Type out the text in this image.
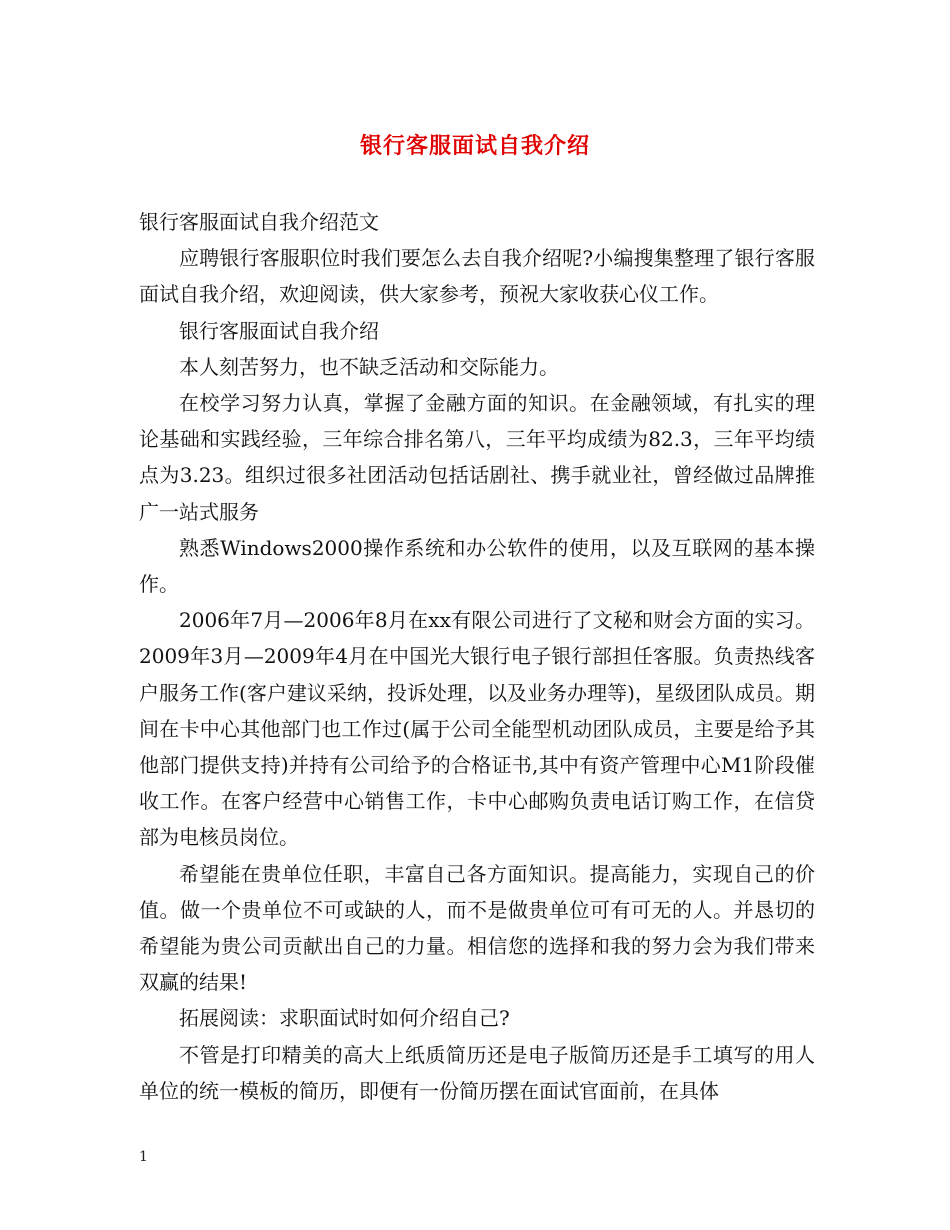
银行客服面试自我介绍

银行客服面试自我介绍范文

应聘银行客服职位时我们要怎么去自我介绍呢?小编搜集整理了银行客服面试自我介绍，欢迎阅读，供大家参考，预祝大家收获心仪工作。

银行客服面试自我介绍

本人刻苦努力，也不缺乏活动和交际能力。

在校学习努力认真，掌握了金融方面的知识。在金融领域，有扎实的理论基础和实践经验，三年综合排名第八，三年平均成绩为82.3，三年平均绩点为3.23。组织过很多社团活动包括话剧社、携手就业社，曾经做过品牌推广一站式服务

熟悉Windows2000操作系统和办公软件的使用，以及互联网的基本操作。

2006年7月—2006年8月在xx有限公司进行了文秘和财会方面的实习。 2009年3月—2009年4月在中国光大银行电子银行部担任客服。负责热线客户服务工作(客户建议采纳，投诉处理，以及业务办理等)，星级团队成员。期间在卡中心其他部门也工作过(属于公司全能型机动团队成员，主要是给予其他部门提供支持)并持有公司给予的合格证书,其中有资产管理中心M1阶段催收工作。在客户经营中心销售工作，卡中心邮购负责电话订购工作，在信贷部为电核员岗位。

希望能在贵单位任职，丰富自己各方面知识。提高能力，实现自己的价值。做一个贵单位不可或缺的人，而不是做贵单位可有可无的人。并恳切的希望能为贵公司贡献出自己的力量。相信您的选择和我的努力会为我们带来双赢的结果!

拓展阅读：求职面试时如何介绍自己?

不管是打印精美的高大上纸质简历还是电子版简历还是手工填写的用人单位的统一模板的简历，即便有一份简历摆在面试官面前，在具体

1
